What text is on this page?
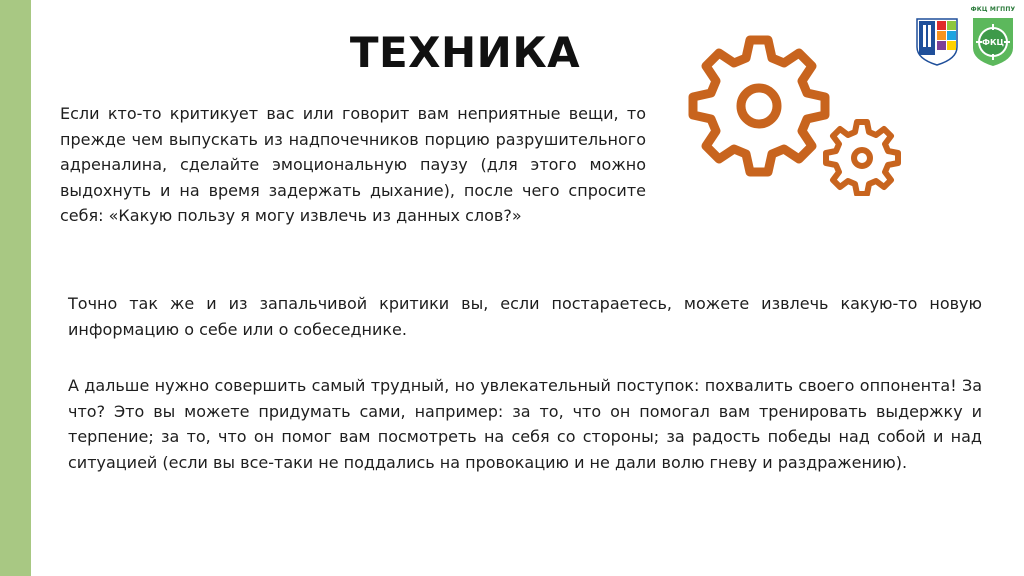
ТЕХНИКА

Если кто-то критикует вас или говорит вам неприятные вещи, то прежде чем выпускать из надпочечников порцию разрушительного адреналина, сделайте эмоциональную паузу (для этого можно выдохнуть и на время задержать дыхание), после чего спросите себя: «Какую пользу я могу извлечь из данных слов?»

Точно так же и из запальчивой критики вы, если постараетесь, можете извлечь какую-то новую информацию о себе или о собеседнике.

А дальше нужно совершить самый трудный, но увлекательный поступок: похвалить своего оппонента! За что? Это вы можете придумать сами, например: за то, что он помогал вам тренировать выдержку и терпение; за то, что он помог вам посмотреть на себя со стороны; за радость победы над собой и над ситуацией (если вы все-таки не поддались на провокацию и не дали волю гневу и раздражению).

ФКЦ МГППУ
ФКЦ
